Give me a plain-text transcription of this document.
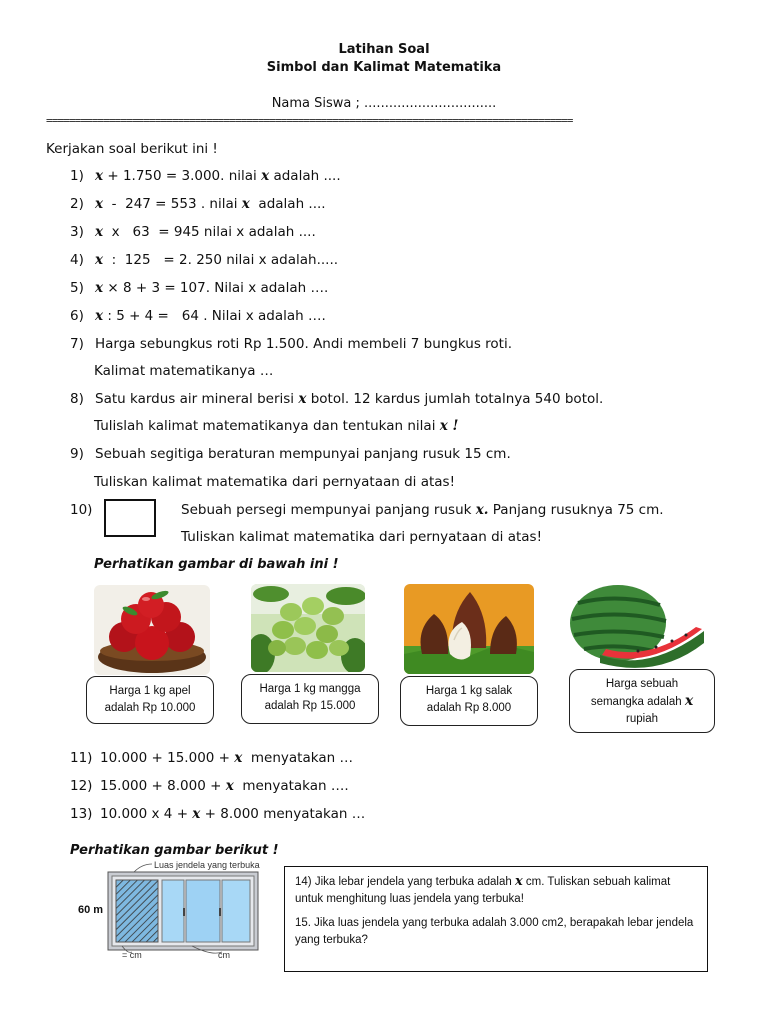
Latihan Soal
Simbol dan Kalimat Matematika
Nama Siswa ; ................................
============================================================================================
Kerjakan soal berikut ini !
1) x + 1.750 = 3.000. nilai x adalah ....
2) x  -  247 = 553 . nilai x  adalah ....
3) x  x   63  = 945 nilai x adalah ....
4) x  :  125   = 2. 250 nilai x adalah.....
5) x × 8 + 3 = 107. Nilai x adalah ….
6) x : 5 + 4 =   64 . Nilai x adalah ….
7) Harga sebungkus roti Rp 1.500. Andi membeli 7 bungkus roti.
Kalimat matematikanya …
8) Satu kardus air mineral berisi x botol. 12 kardus jumlah totalnya 540 botol.
Tulislah kalimat matematikanya dan tentukan nilai x !
9) Sebuah segitiga beraturan mempunyai panjang rusuk 15 cm.
Tuliskan kalimat matematika dari pernyataan di atas!
10)	Sebuah persegi mempunyai panjang rusuk x. Panjang rusuknya 75 cm.
Tuliskan kalimat matematika dari pernyataan di atas!
Perhatikan gambar di bawah ini !
Harga 1 kg apel
adalah Rp 10.000
Harga 1 kg mangga
adalah Rp 15.000
Harga 1 kg salak
adalah Rp 8.000
Harga sebuah
semangka adalah x
rupiah
11) 10.000 + 15.000 + x  menyatakan …
12) 15.000 + 8.000 + x  menyatakan ….
13) 10.000 x 4 + x + 8.000 menyatakan …
Perhatikan gambar berikut !
Luas jendela yang terbuka
60 m
= cm	cm

14) Jika lebar jendela yang terbuka adalah x cm. Tuliskan sebuah kalimat untuk menghitung luas jendela yang terbuka!

15. Jika luas jendela yang terbuka adalah 3.000 cm2, berapakah lebar jendela yang terbuka?
